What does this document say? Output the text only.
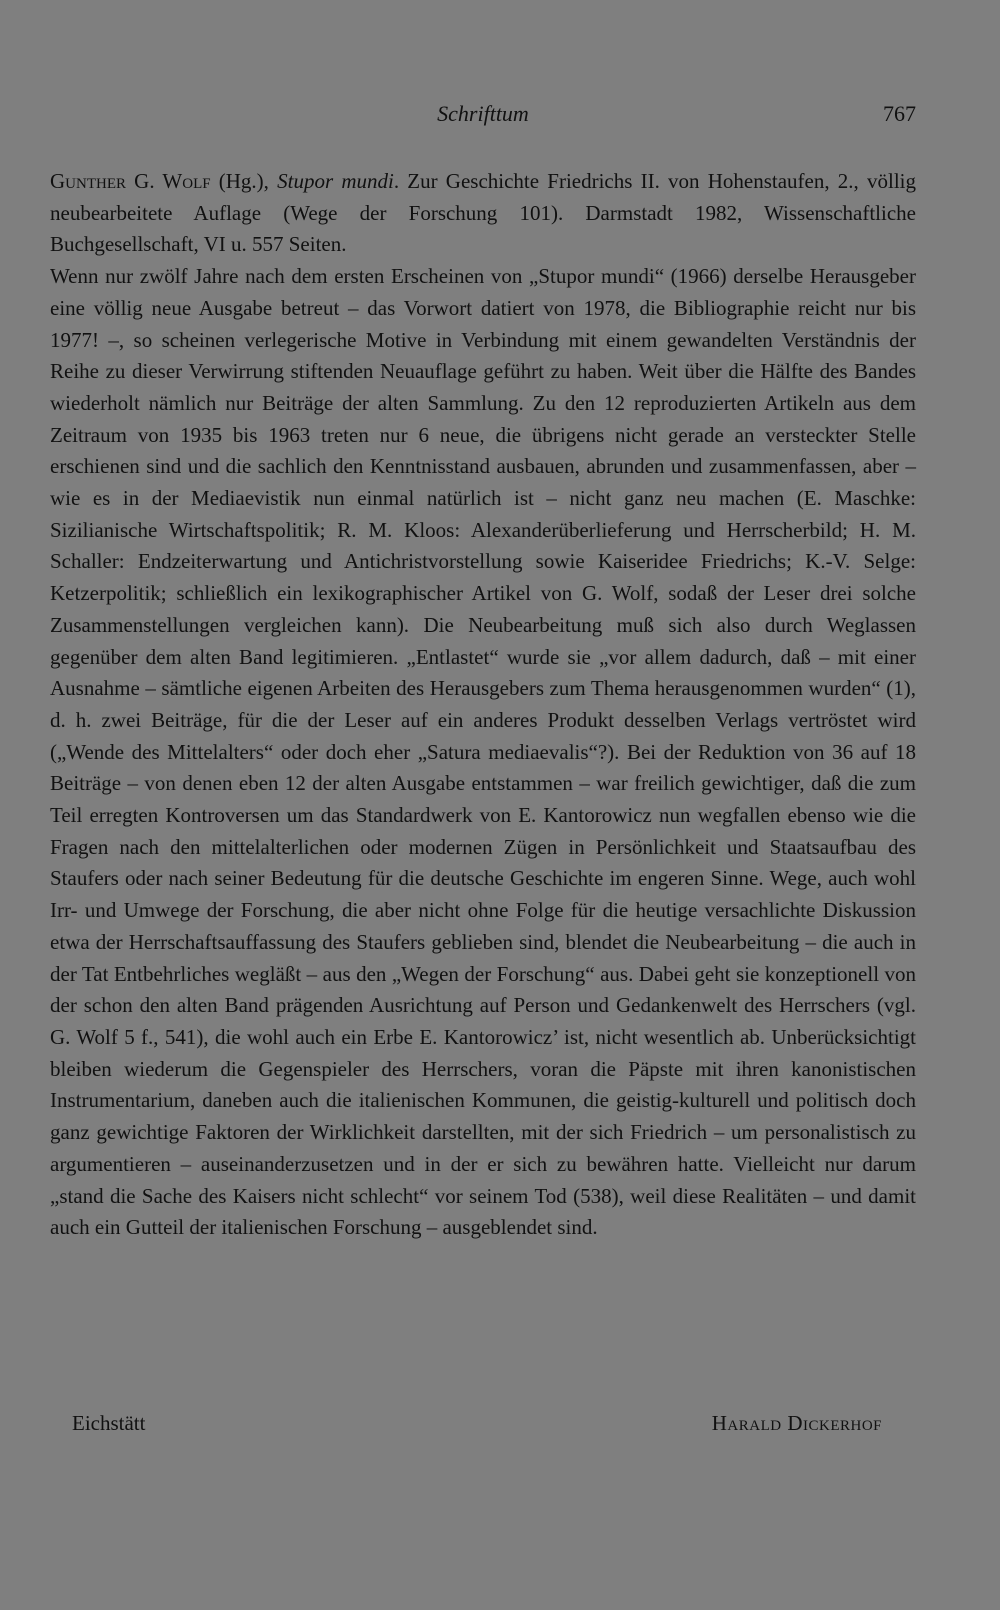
Schrifttum	767

Gunther G. Wolf (Hg.), Stupor mundi. Zur Geschichte Friedrichs II. von Hohenstaufen, 2., völlig neubearbeitete Auflage (Wege der Forschung 101). Darmstadt 1982, Wissenschaftliche Buchgesellschaft, VI u. 557 Seiten.

Wenn nur zwölf Jahre nach dem ersten Erscheinen von „Stupor mundi“ (1966) derselbe Herausgeber eine völlig neue Ausgabe betreut – das Vorwort datiert von 1978, die Bibliographie reicht nur bis 1977! –, so scheinen verlegerische Motive in Verbindung mit einem gewandelten Verständnis der Reihe zu dieser Verwirrung stiftenden Neuauflage geführt zu haben. Weit über die Hälfte des Bandes wiederholt nämlich nur Beiträge der alten Sammlung. Zu den 12 reproduzierten Artikeln aus dem Zeitraum von 1935 bis 1963 treten nur 6 neue, die übrigens nicht gerade an versteckter Stelle erschienen sind und die sachlich den Kenntnisstand ausbauen, abrunden und zusammenfassen, aber – wie es in der Mediaevistik nun einmal natürlich ist – nicht ganz neu machen (E. Maschke: Sizilianische Wirtschaftspolitik; R. M. Kloos: Alexanderüberlieferung und Herrscherbild; H. M. Schaller: Endzeiterwartung und Antichristvorstellung sowie Kaiseridee Friedrichs; K.-V. Selge: Ketzerpolitik; schließlich ein lexikographischer Artikel von G. Wolf, sodaß der Leser drei solche Zusammenstellungen vergleichen kann). Die Neubearbeitung muß sich also durch Weglassen gegenüber dem alten Band legitimieren. „Entlastet“ wurde sie „vor allem dadurch, daß – mit einer Ausnahme – sämtliche eigenen Arbeiten des Herausgebers zum Thema herausgenommen wurden“ (1), d. h. zwei Beiträge, für die der Leser auf ein anderes Produkt desselben Verlags vertröstet wird („Wende des Mittelalters“ oder doch eher „Satura mediaevalis“?). Bei der Reduktion von 36 auf 18 Beiträge – von denen eben 12 der alten Ausgabe entstammen – war freilich gewichtiger, daß die zum Teil erregten Kontroversen um das Standardwerk von E. Kantorowicz nun wegfallen ebenso wie die Fragen nach den mittelalterlichen oder modernen Zügen in Persönlichkeit und Staatsaufbau des Staufers oder nach seiner Bedeutung für die deutsche Geschichte im engeren Sinne. Wege, auch wohl Irr- und Umwege der Forschung, die aber nicht ohne Folge für die heutige versachlichte Diskussion etwa der Herrschaftsauffassung des Staufers geblieben sind, blendet die Neubearbeitung – die auch in der Tat Entbehrliches wegläßt – aus den „Wegen der Forschung“ aus. Dabei geht sie konzeptionell von der schon den alten Band prägenden Ausrichtung auf Person und Gedankenwelt des Herrschers (vgl. G. Wolf 5 f., 541), die wohl auch ein Erbe E. Kantorowicz’ ist, nicht wesentlich ab. Unberücksichtigt bleiben wiederum die Gegenspieler des Herrschers, voran die Päpste mit ihren kanonistischen Instrumentarium, daneben auch die italienischen Kommunen, die geistig-kulturell und politisch doch ganz gewichtige Faktoren der Wirklichkeit darstellten, mit der sich Friedrich – um personalistisch zu argumentieren – auseinanderzusetzen und in der er sich zu bewähren hatte. Vielleicht nur darum „stand die Sache des Kaisers nicht schlecht“ vor seinem Tod (538), weil diese Realitäten – und damit auch ein Gutteil der italienischen Forschung – ausgeblendet sind.

Eichstätt	Harald Dickerhof
